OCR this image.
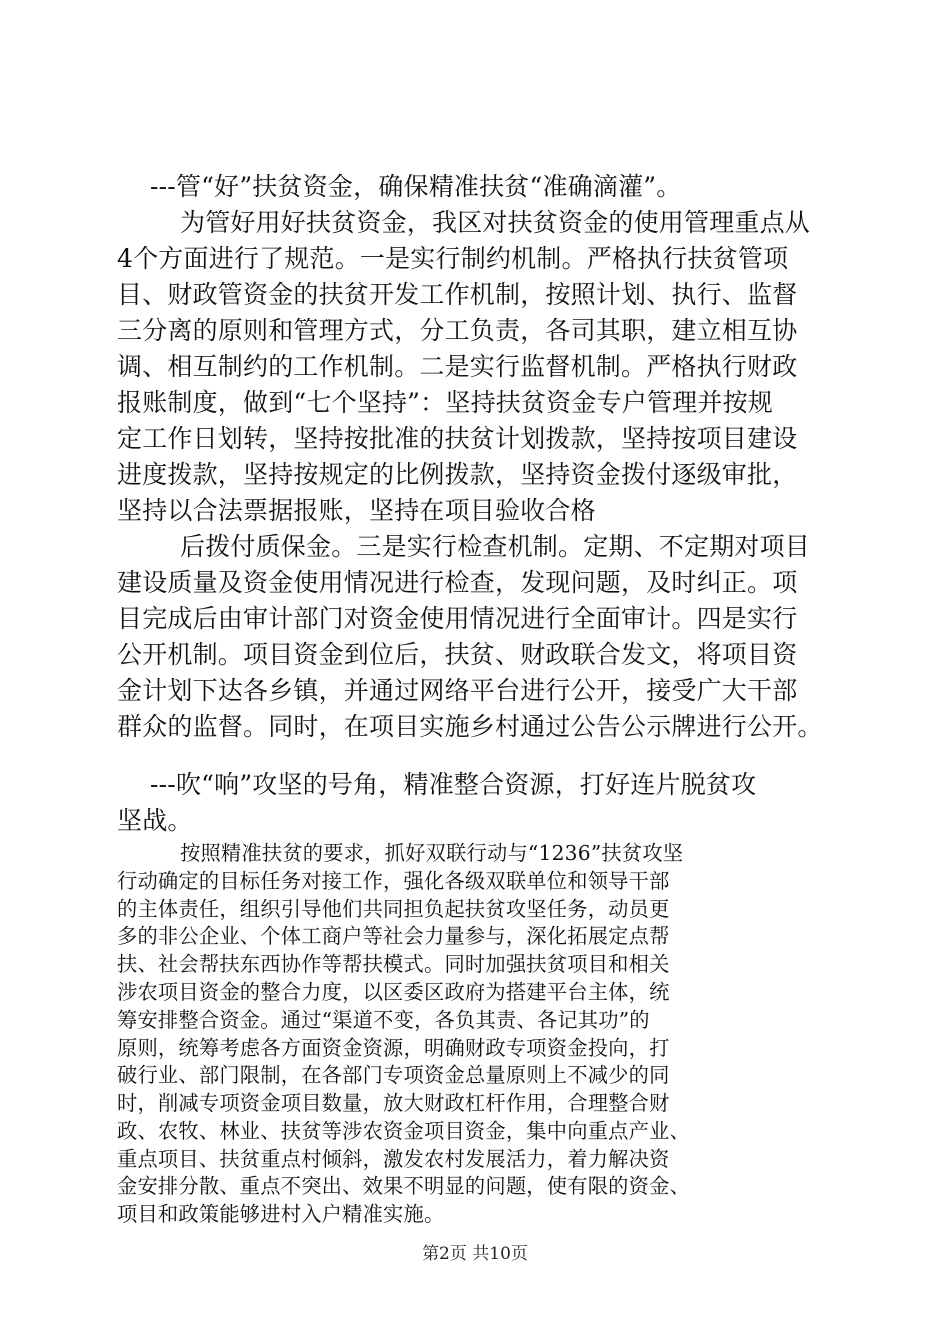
---管“好”扶贫资金，确保精准扶贫“准确滴灌”。
为管好用好扶贫资金，我区对扶贫资金的使用管理重点从
4个方面进行了规范。一是实行制约机制。严格执行扶贫管项
目、财政管资金的扶贫开发工作机制，按照计划、执行、监督
三分离的原则和管理方式，分工负责，各司其职，建立相互协
调、相互制约的工作机制。二是实行监督机制。严格执行财政
报账制度，做到“七个坚持”：坚持扶贫资金专户管理并按规
定工作日划转，坚持按批准的扶贫计划拨款，坚持按项目建设
进度拨款，坚持按规定的比例拨款，坚持资金拨付逐级审批，
坚持以合法票据报账，坚持在项目验收合格
后拨付质保金。三是实行检查机制。定期、不定期对项目
建设质量及资金使用情况进行检查，发现问题，及时纠正。项
目完成后由审计部门对资金使用情况进行全面审计。四是实行
公开机制。项目资金到位后，扶贫、财政联合发文，将项目资
金计划下达各乡镇，并通过网络平台进行公开，接受广大干部
群众的监督。同时，在项目实施乡村通过公告公示牌进行公开。
---吹“响”攻坚的号角，精准整合资源，打好连片脱贫攻
坚战。
按照精准扶贫的要求，抓好双联行动与“1236”扶贫攻坚
行动确定的目标任务对接工作，强化各级双联单位和领导干部
的主体责任，组织引导他们共同担负起扶贫攻坚任务，动员更
多的非公企业、个体工商户等社会力量参与，深化拓展定点帮
扶、社会帮扶东西协作等帮扶模式。同时加强扶贫项目和相关
涉农项目资金的整合力度，以区委区政府为搭建平台主体，统
筹安排整合资金。通过“渠道不变，各负其责、各记其功”的
原则，统筹考虑各方面资金资源，明确财政专项资金投向，打
破行业、部门限制，在各部门专项资金总量原则上不减少的同
时，削减专项资金项目数量，放大财政杠杆作用，合理整合财
政、农牧、林业、扶贫等涉农资金项目资金，集中向重点产业、
第2页 共10页
重点项目、扶贫重点村倾斜，激发农村发展活力，着力解决资
金安排分散、重点不突出、效果不明显的问题，使有限的资金、
项目和政策能够进村入户精准实施。
